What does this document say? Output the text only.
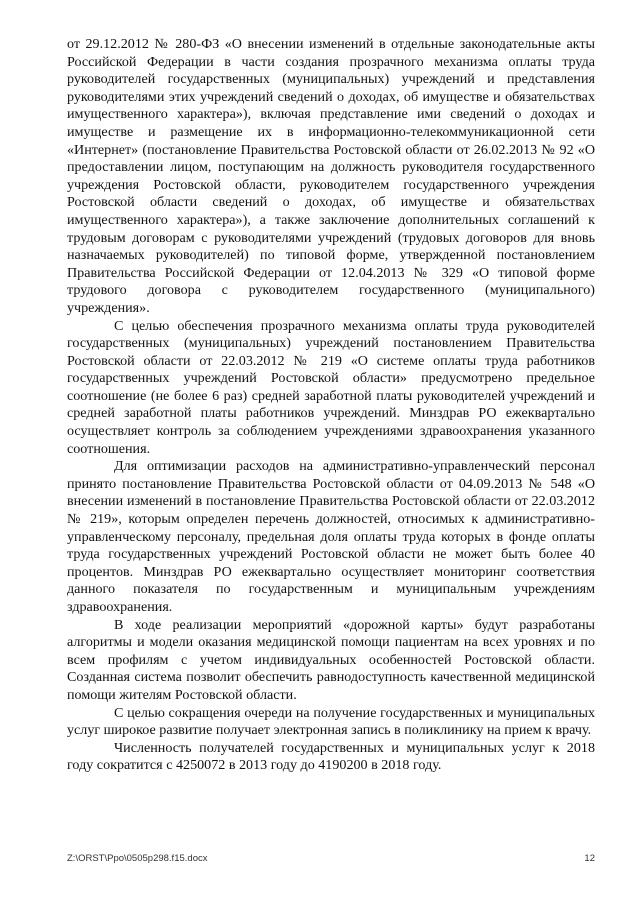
от 29.12.2012 № 280-ФЗ «О внесении изменений в отдельные законодательные акты Российской Федерации в части создания прозрачного механизма оплаты труда руководителей государственных (муниципальных) учреждений и представления руководителями этих учреждений сведений о доходах, об имуществе и обязательствах имущественного характера»), включая представление ими сведений о доходах и имуществе и размещение их в информационно-телекоммуникационной сети «Интернет» (постановление Правительства Ростовской области от 26.02.2013 № 92 «О предоставлении лицом, поступающим на должность руководителя государственного учреждения Ростовской области, руководителем государственного учреждения Ростовской области сведений о доходах, об имуществе и обязательствах имущественного характера»), а также заключение дополнительных соглашений к трудовым договорам с руководителями учреждений (трудовых договоров для вновь назначаемых руководителей) по типовой форме, утвержденной постановлением Правительства Российской Федерации от 12.04.2013 № 329 «О типовой форме трудового договора с руководителем государственного (муниципального) учреждения».

С целью обеспечения прозрачного механизма оплаты труда руководителей государственных (муниципальных) учреждений постановлением Правительства Ростовской области от 22.03.2012 № 219 «О системе оплаты труда работников государственных учреждений Ростовской области» предусмотрено предельное соотношение (не более 6 раз) средней заработной платы руководителей учреждений и средней заработной платы работников учреждений. Минздрав РО ежеквартально осуществляет контроль за соблюдением учреждениями здравоохранения указанного соотношения.

Для оптимизации расходов на административно-управленческий персонал принято постановление Правительства Ростовской области от 04.09.2013 № 548 «О внесении изменений в постановление Правительства Ростовской области от 22.03.2012 № 219», которым определен перечень должностей, относимых к административно-управленческому персоналу, предельная доля оплаты труда которых в фонде оплаты труда государственных учреждений Ростовской области не может быть более 40 процентов. Минздрав РО ежеквартально осуществляет мониторинг соответствия данного показателя по государственным и муниципальным учреждениям здравоохранения.

В ходе реализации мероприятий «дорожной карты» будут разработаны алгоритмы и модели оказания медицинской помощи пациентам на всех уровнях и по всем профилям с учетом индивидуальных особенностей Ростовской области. Созданная система позволит обеспечить равнодоступность качественной медицинской помощи жителям Ростовской области.

С целью сокращения очереди на получение государственных и муниципальных услуг широкое развитие получает электронная запись в поликлинику на прием к врачу.

Численность получателей государственных и муниципальных услуг к 2018 году сократится с 4250072 в 2013 году до 4190200 в 2018 году.

Z:\ORST\Ppo\0505p298.f15.docx	12
